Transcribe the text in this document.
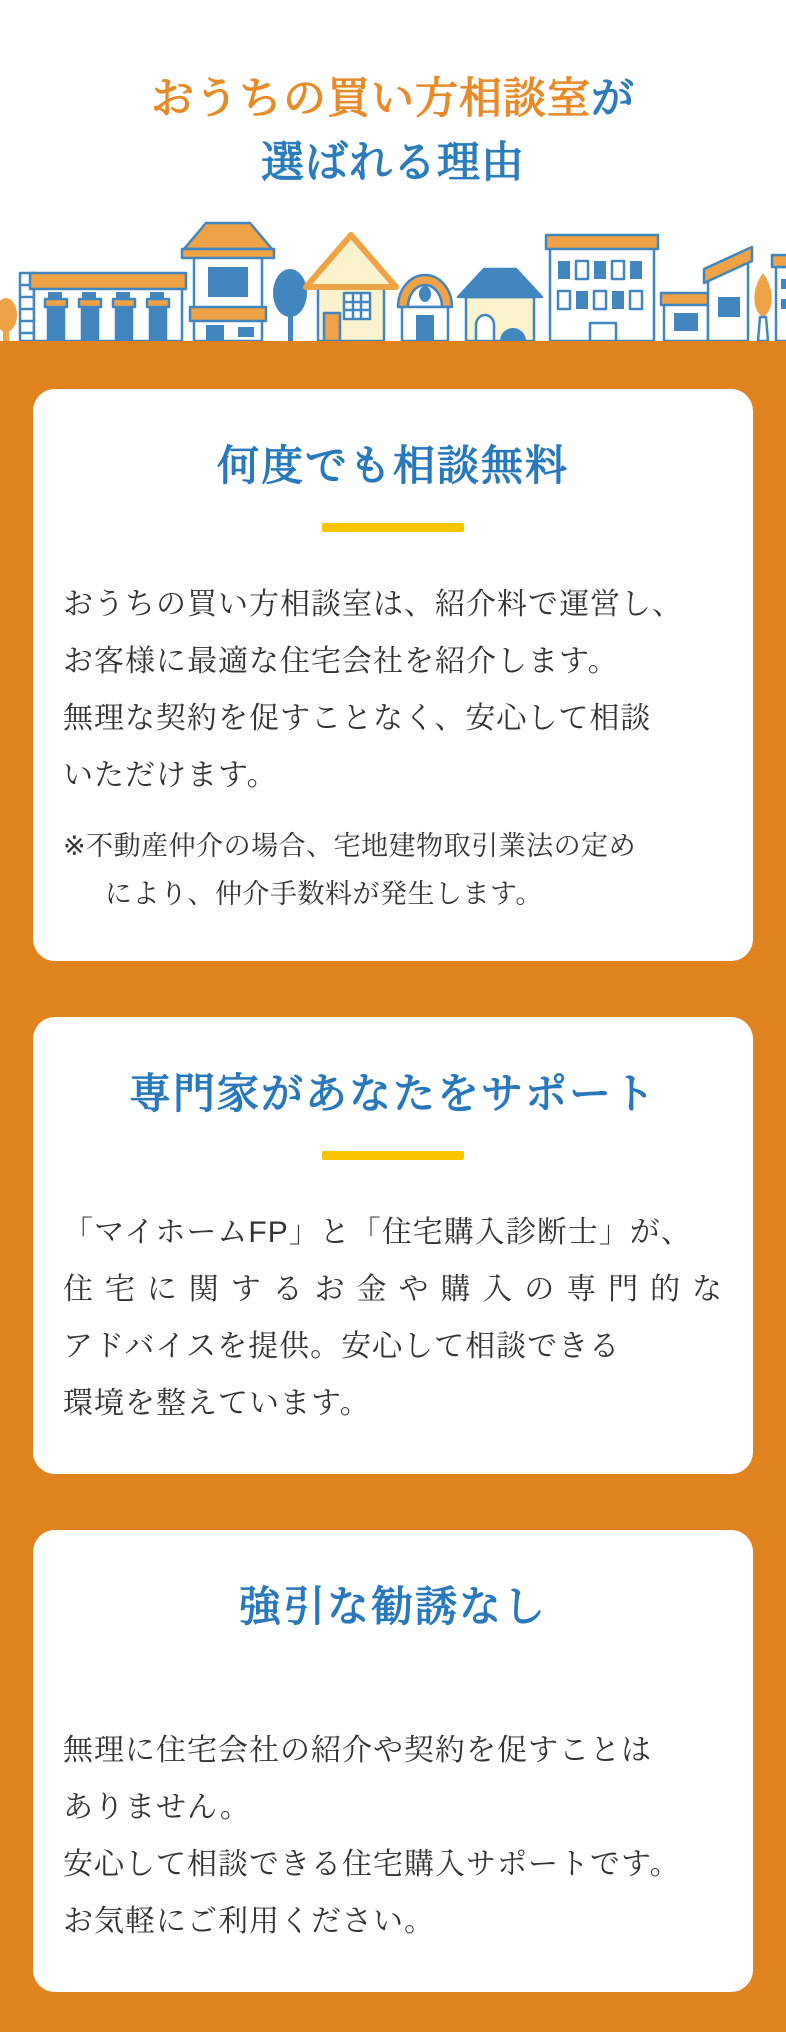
おうちの買い方相談室が
選ばれる理由
何度でも相談無料
おうちの買い方相談室は、紹介料で運営し、
お客様に最適な住宅会社を紹介します。
無理な契約を促すことなく、安心して相談
いただけます。
※不動産仲介の場合、宅地建物取引業法の定め
により、仲介手数料が発生します。
専門家があなたをサポート
「マイホームFP」と「住宅購入診断士」が、
住宅に関するお金や購入の専門的な
アドバイスを提供。安心して相談できる
環境を整えています。
強引な勧誘なし
無理に住宅会社の紹介や契約を促すことは
ありません。
安心して相談できる住宅購入サポートです。
お気軽にご利用ください。
